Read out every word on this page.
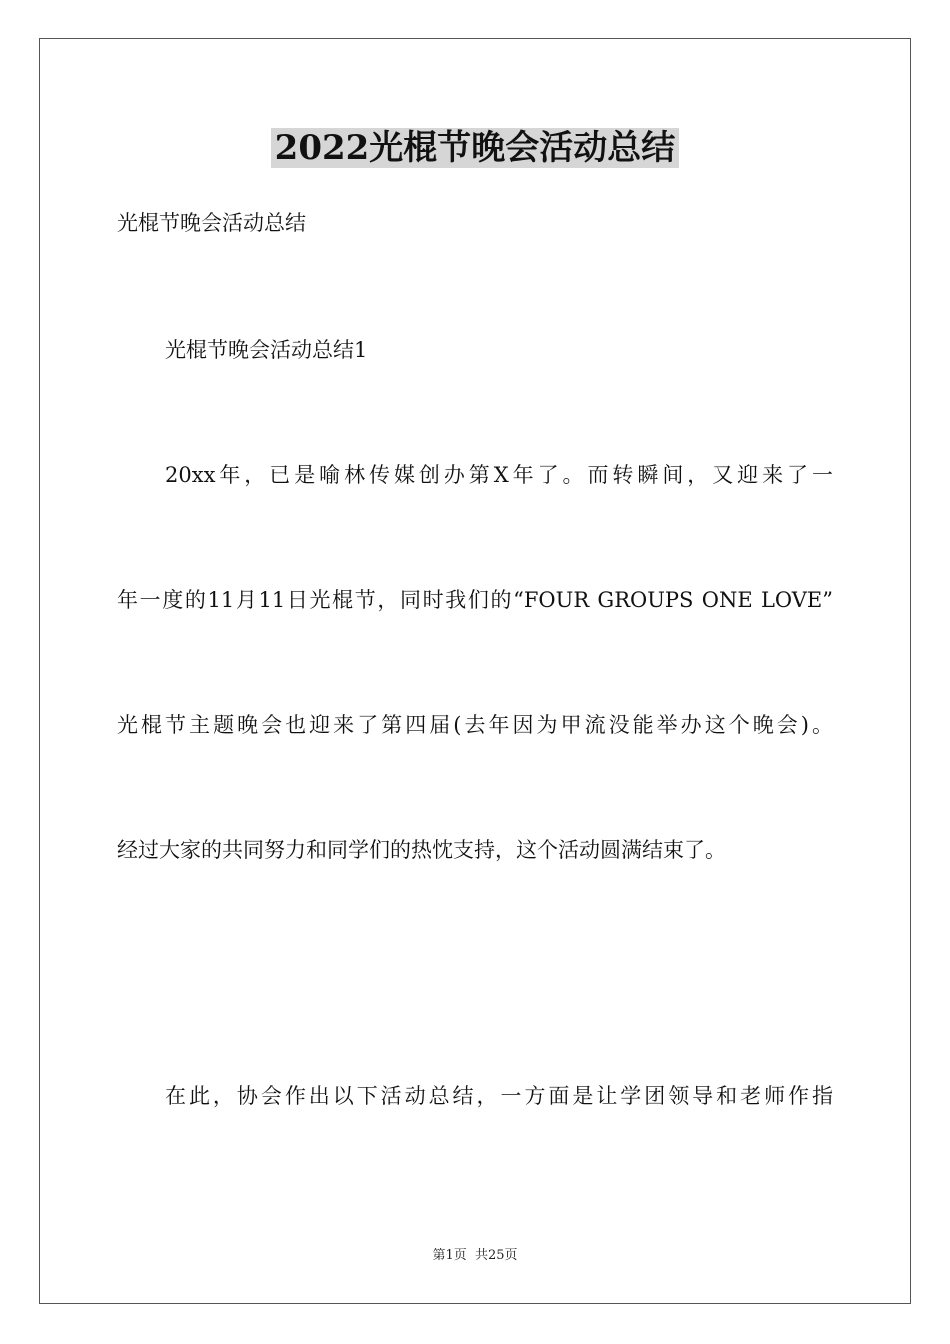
2022光棍节晚会活动总结
光棍节晚会活动总结
光棍节晚会活动总结1
20xx年，已是喻林传媒创办第X年了。而转瞬间，又迎来了一
年一度的11月11日光棍节，同时我们的“FOUR GROUPS ONE LOVE”
光棍节主题晚会也迎来了第四届(去年因为甲流没能举办这个晚会)。
经过大家的共同努力和同学们的热忱支持，这个活动圆满结束了。
在此，协会作出以下活动总结，一方面是让学团领导和老师作指
第1页  共25页
